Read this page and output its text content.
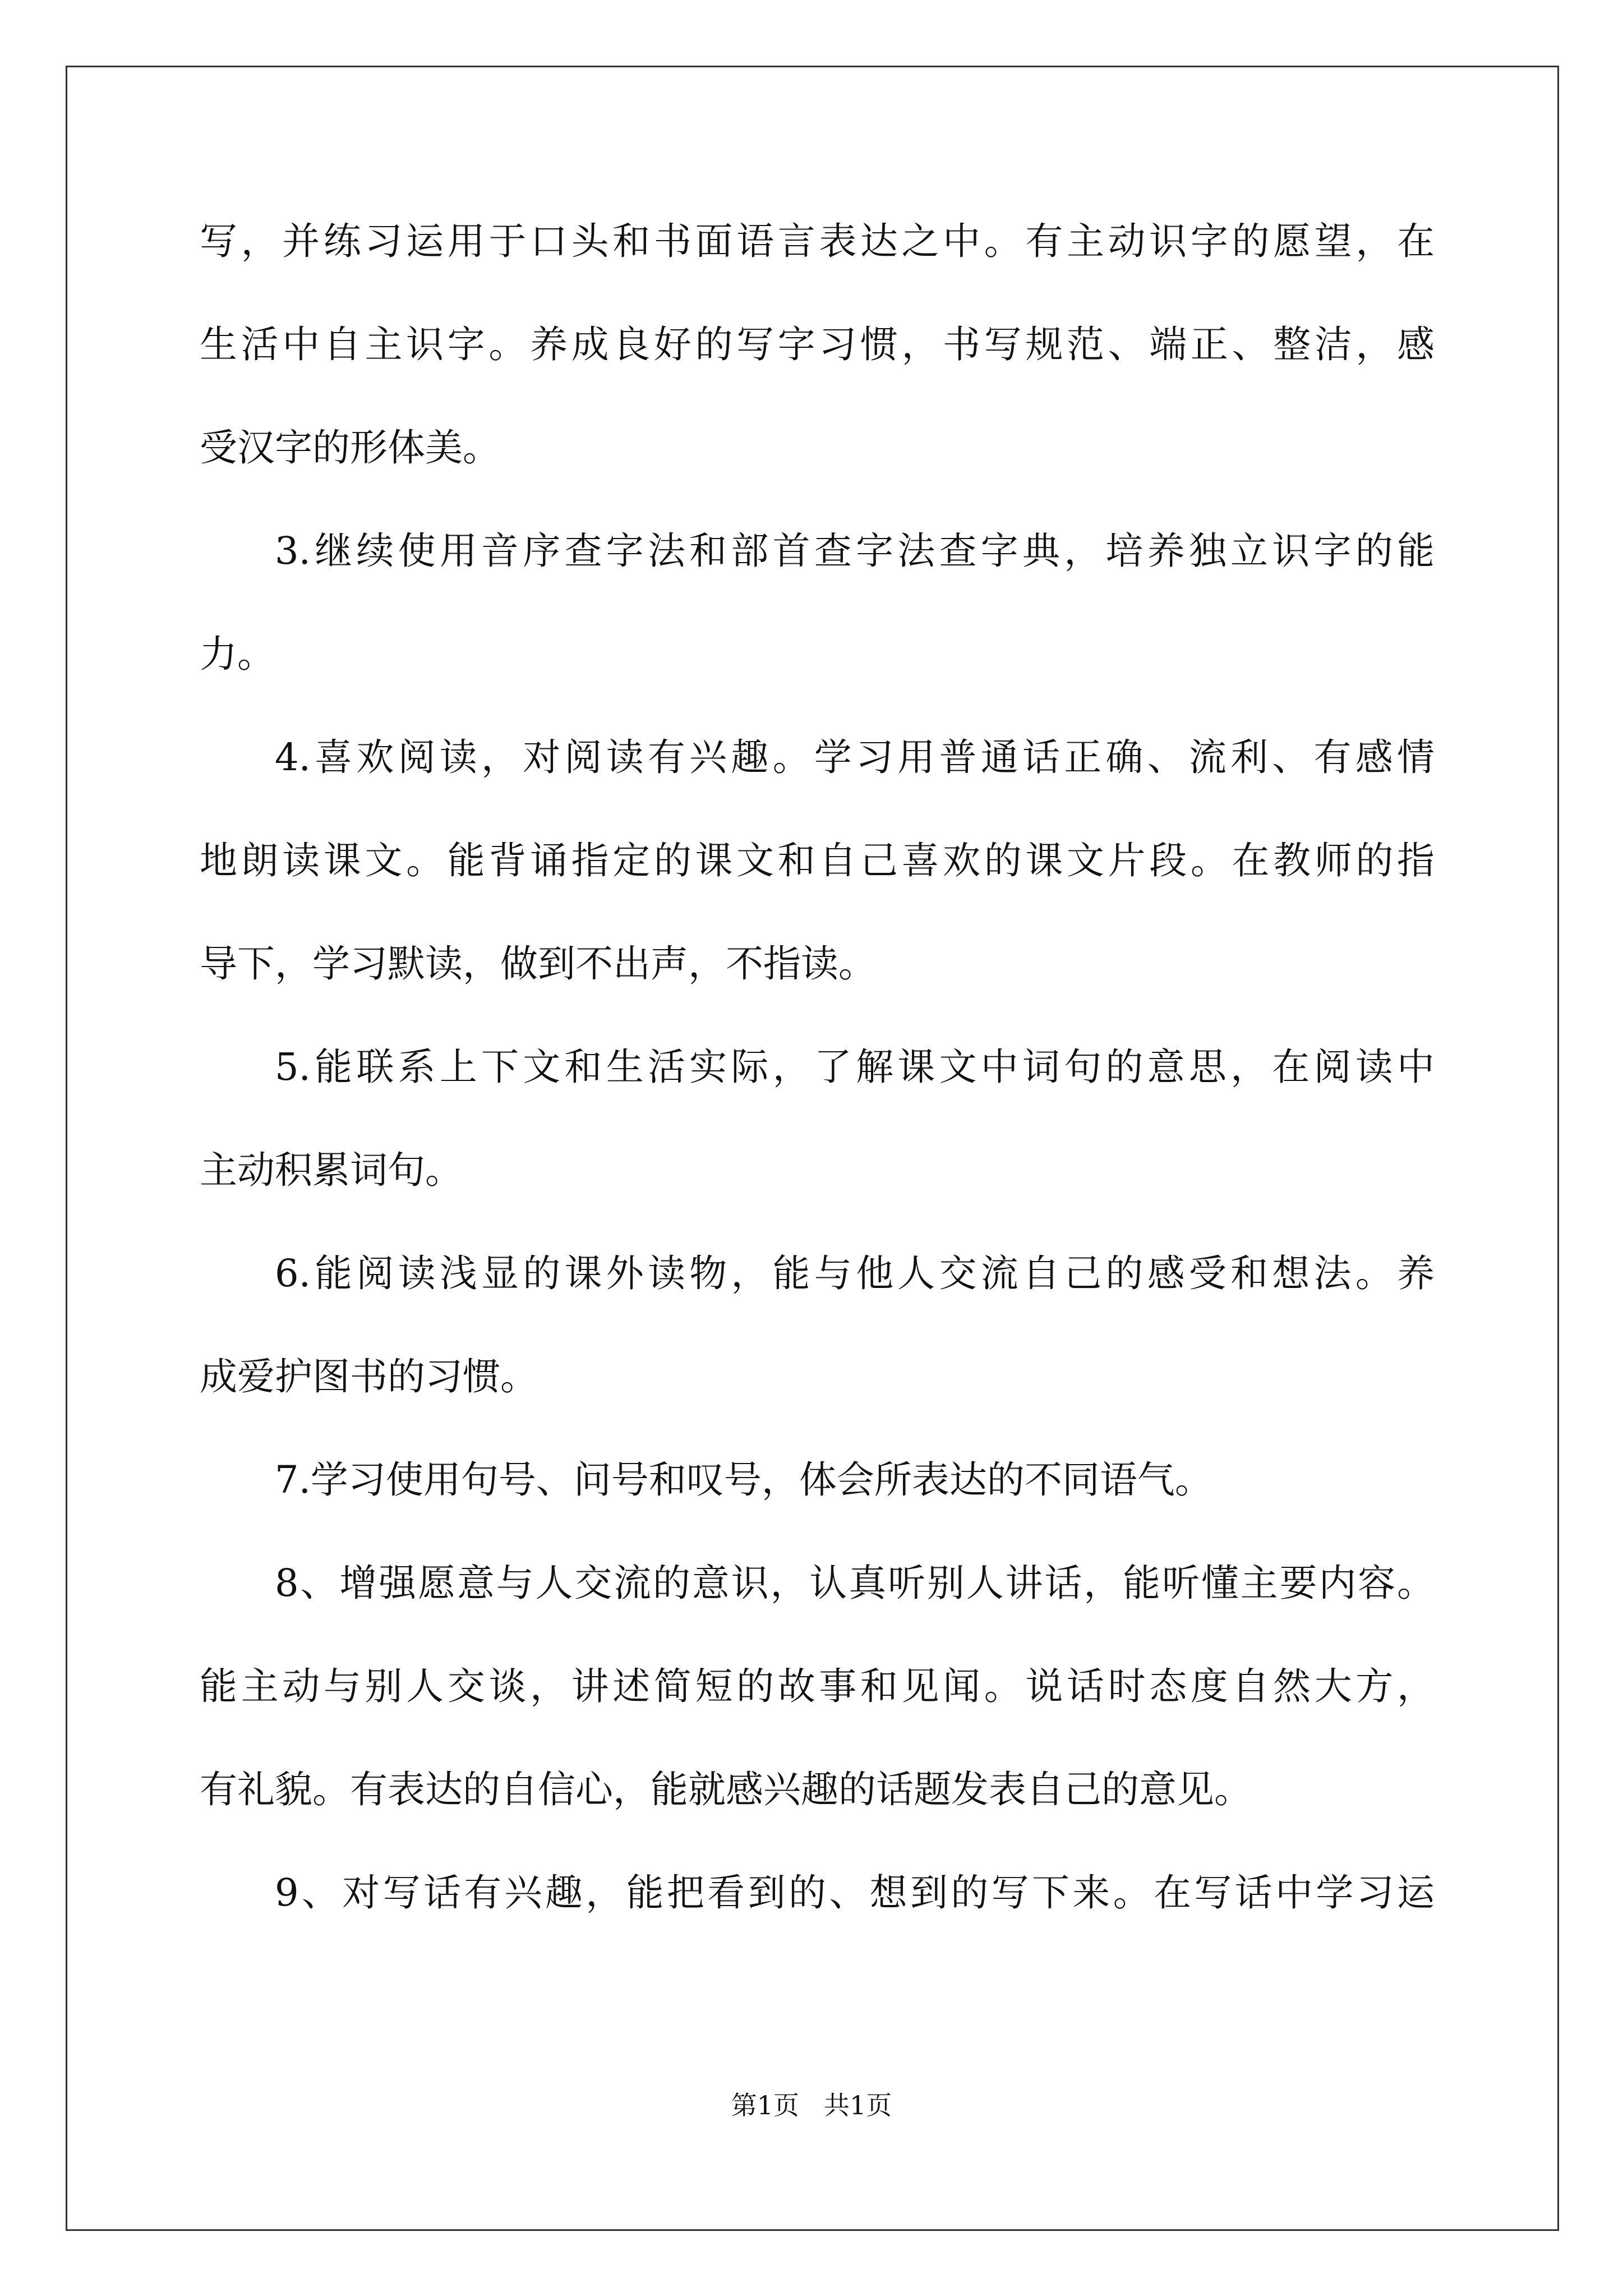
写，并练习运用于口头和书面语言表达之中。有主动识字的愿望，在
生活中自主识字。养成良好的写字习惯，书写规范、端正、整洁，感
受汉字的形体美。
3.继续使用音序查字法和部首查字法查字典，培养独立识字的能
力。
4.喜欢阅读，对阅读有兴趣。学习用普通话正确、流利、有感情
地朗读课文。能背诵指定的课文和自己喜欢的课文片段。在教师的指
导下，学习默读，做到不出声，不指读。
5.能联系上下文和生活实际，了解课文中词句的意思，在阅读中
主动积累词句。
6.能阅读浅显的课外读物，能与他人交流自己的感受和想法。养
成爱护图书的习惯。
7.学习使用句号、问号和叹号，体会所表达的不同语气。
8、增强愿意与人交流的意识，认真听别人讲话，能听懂主要内容。
能主动与别人交谈，讲述简短的故事和见闻。说话时态度自然大方，
有礼貌。有表达的自信心，能就感兴趣的话题发表自己的意见。
9、对写话有兴趣，能把看到的、想到的写下来。在写话中学习运
第1页 共1页
